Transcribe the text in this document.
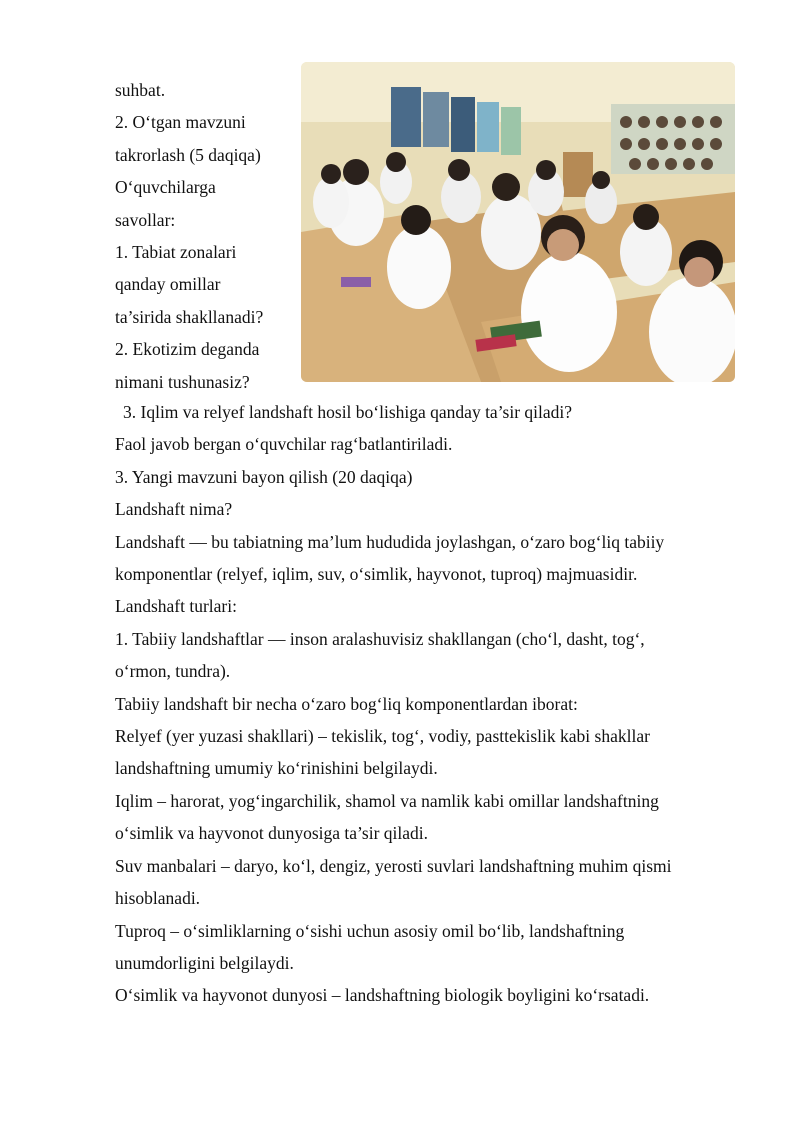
suhbat.
2. O‘tgan mavzuni
takrorlash (5 daqiqa)
O‘quvchilarga
savollar:
1. Tabiat zonalari
qanday omillar
ta’sirida shakllanadi?
2. Ekotizim deganda
nimani tushunasiz?
3. Iqlim va relyef landshaft hosil bo‘lishiga qanday ta’sir qiladi?
Faol javob bergan o‘quvchilar rag‘batlantiriladi.
3. Yangi mavzuni bayon qilish (20 daqiqa)
Landshaft nima?
Landshaft — bu tabiatning ma’lum hududida joylashgan, o‘zaro bog‘liq tabiiy
komponentlar (relyef, iqlim, suv, o‘simlik, hayvonot, tuproq) majmuasidir.
Landshaft turlari:
1. Tabiiy landshaftlar — inson aralashuvisiz shakllangan (cho‘l, dasht, tog‘,
o‘rmon, tundra).
Tabiiy landshaft bir necha o‘zaro bog‘liq komponentlardan iborat:
Relyef (yer yuzasi shakllari) – tekislik, tog‘, vodiy, pasttekislik kabi shakllar
landshaftning umumiy ko‘rinishini belgilaydi.
Iqlim – harorat, yog‘ingarchilik, shamol va namlik kabi omillar landshaftning
o‘simlik va hayvonot dunyosiga ta’sir qiladi.
Suv manbalari – daryo, ko‘l, dengiz, yerosti suvlari landshaftning muhim qismi
hisoblanadi.
Tuproq – o‘simliklarning o‘sishi uchun asosiy omil bo‘lib, landshaftning
unumdorligini belgilaydi.
O‘simlik va hayvonot dunyosi – landshaftning biologik boyligini ko‘rsatadi.
